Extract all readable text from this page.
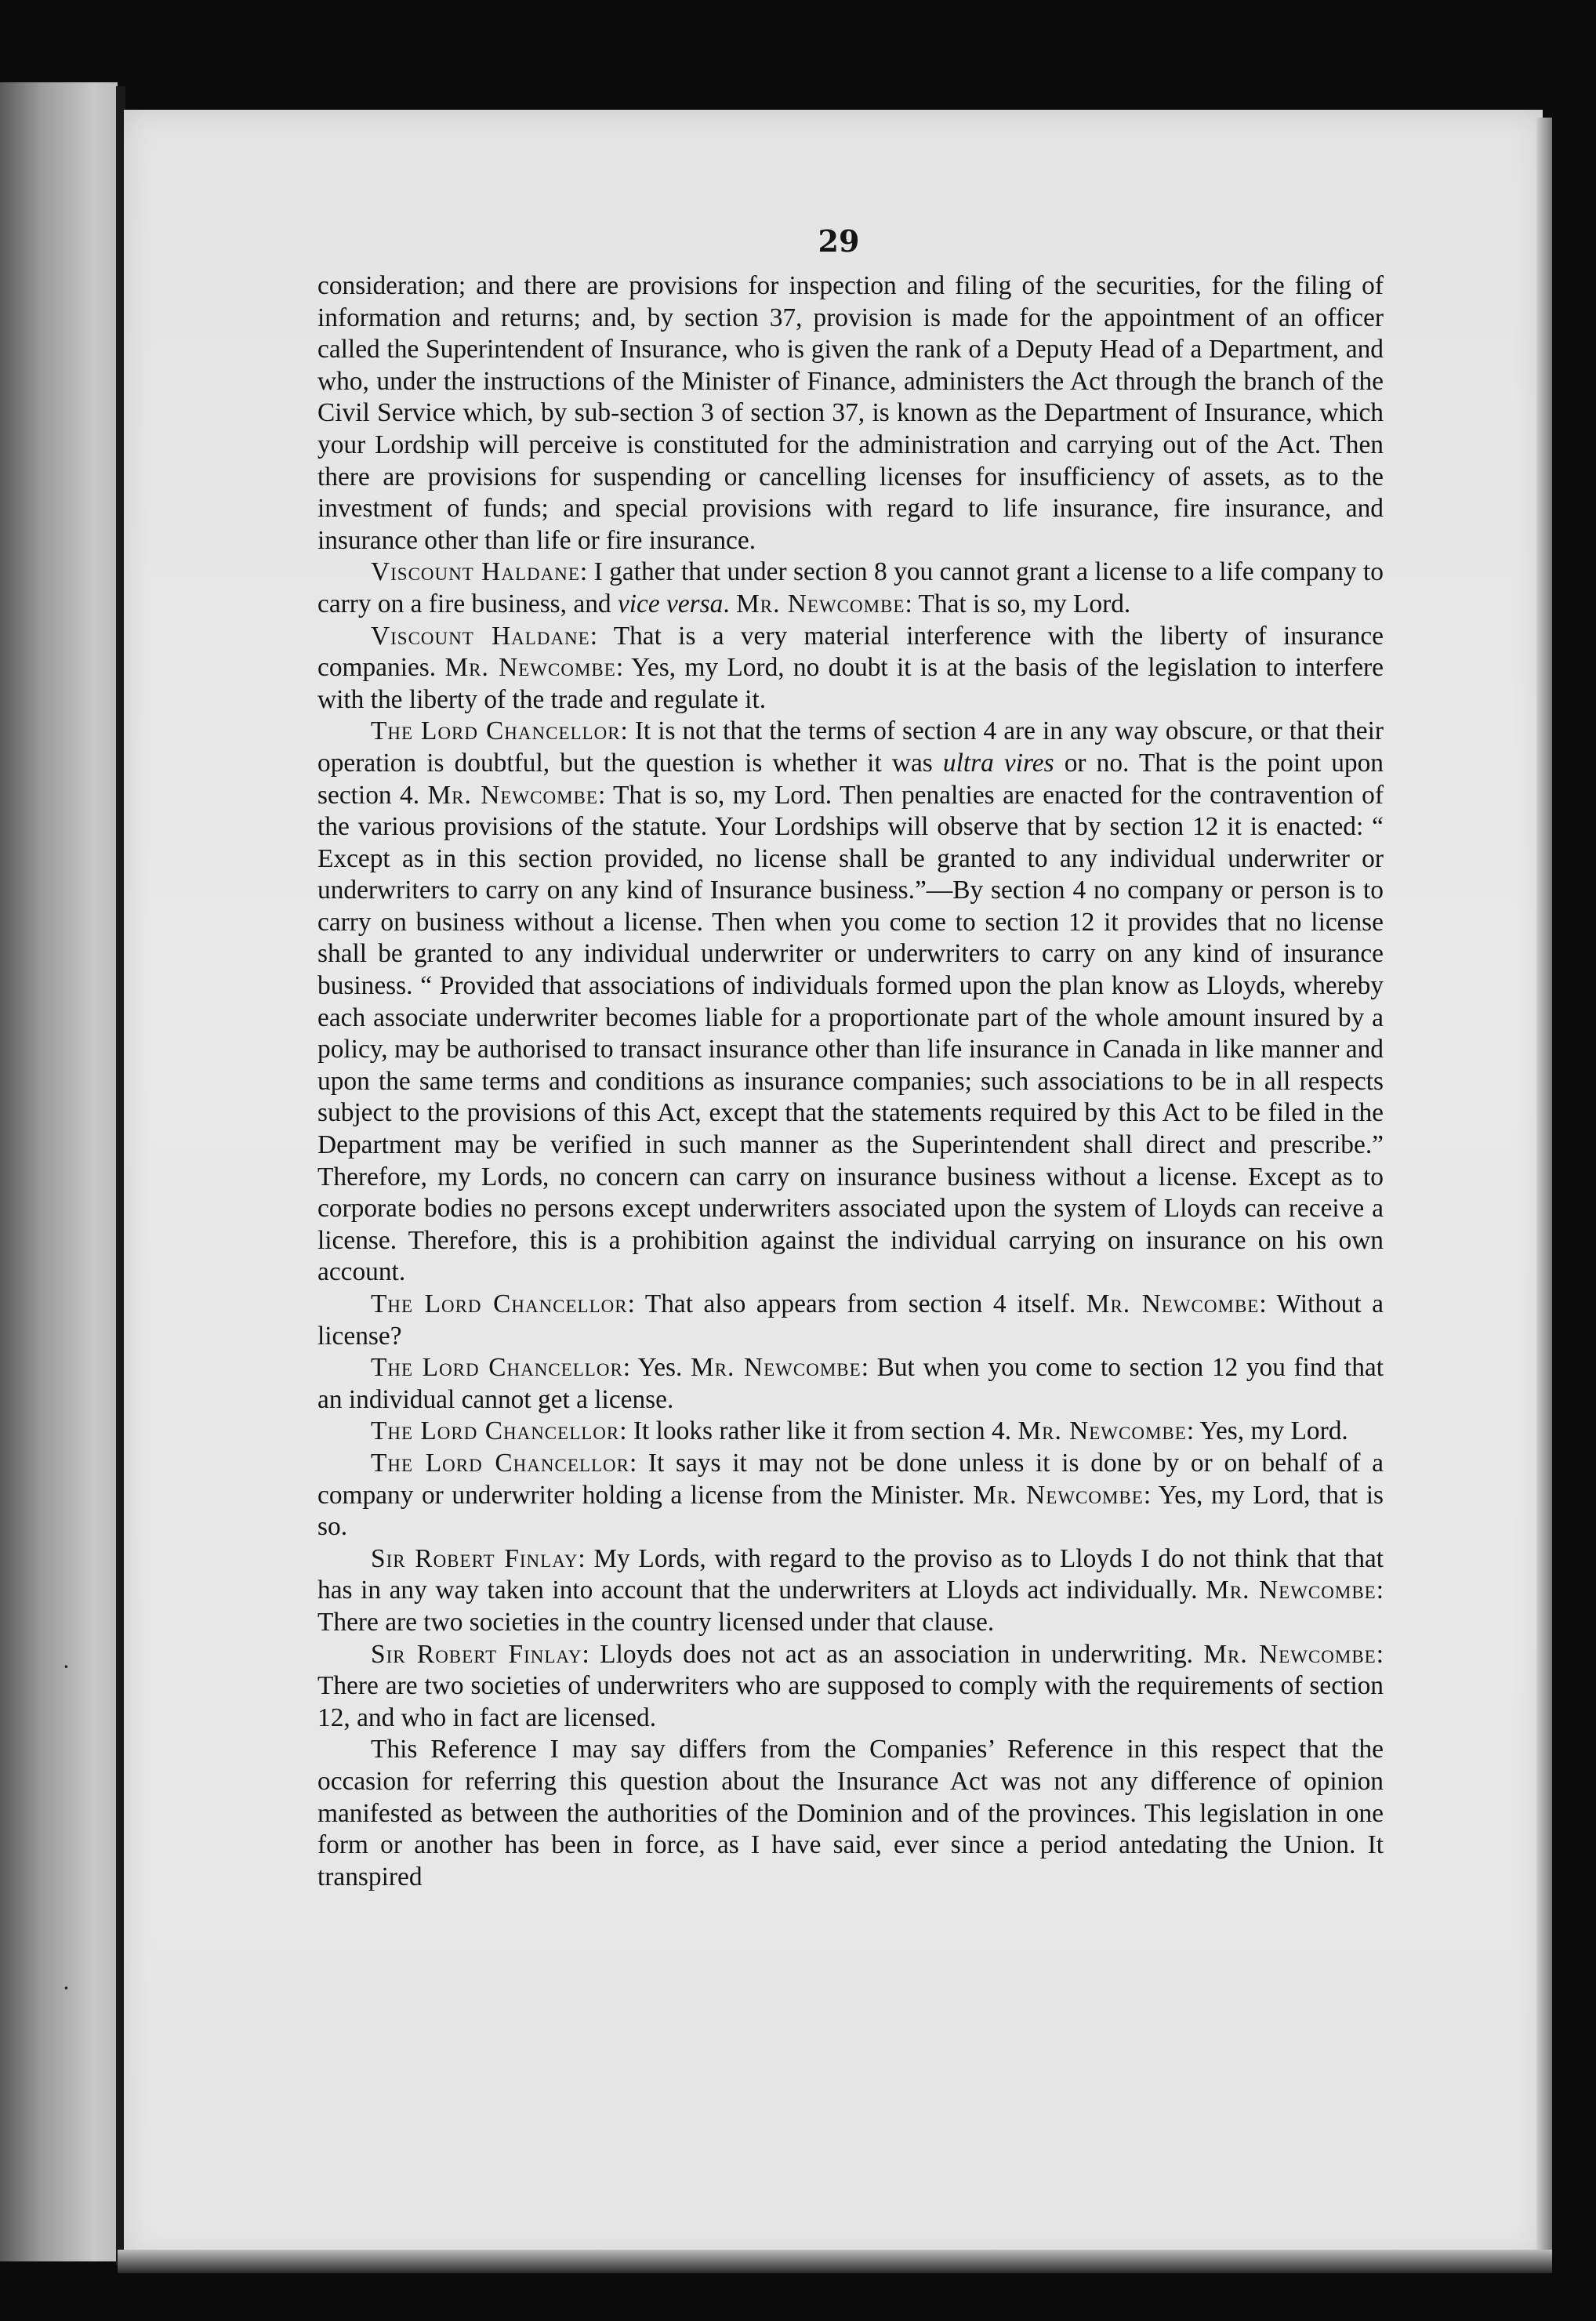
·
·
29

consideration; and there are provisions for inspection and filing of the securities, for the filing of information and returns; and, by section 37, provision is made for the appointment of an officer called the Superintendent of Insurance, who is given the rank of a Deputy Head of a Department, and who, under the instructions of the Minister of Finance, administers the Act through the branch of the Civil Service which, by sub-section 3 of section 37, is known as the Department of Insurance, which your Lordship will perceive is constituted for the administration and carrying out of the Act. Then there are provisions for suspending or cancelling licenses for insufficiency of assets, as to the investment of funds; and special provisions with regard to life insurance, fire insurance, and insurance other than life or fire insurance.

Viscount Haldane: I gather that under section 8 you cannot grant a license to a life company to carry on a fire business, and vice versa. Mr. Newcombe: That is so, my Lord.

Viscount Haldane: That is a very material interference with the liberty of insurance companies. Mr. Newcombe: Yes, my Lord, no doubt it is at the basis of the legislation to interfere with the liberty of the trade and regulate it.

The Lord Chancellor: It is not that the terms of section 4 are in any way obscure, or that their operation is doubtful, but the question is whether it was ultra vires or no. That is the point upon section 4. Mr. Newcombe: That is so, my Lord. Then penalties are enacted for the contravention of the various provisions of the statute. Your Lordships will observe that by section 12 it is enacted: “ Except as in this section provided, no license shall be granted to any individual underwriter or underwriters to carry on any kind of Insurance business.”—By section 4 no company or person is to carry on business without a license. Then when you come to section 12 it provides that no license shall be granted to any individual underwriter or underwriters to carry on any kind of insurance business. “ Provided that associations of individuals formed upon the plan know as Lloyds, whereby each associate underwriter becomes liable for a proportionate part of the whole amount insured by a policy, may be authorised to transact insurance other than life insurance in Canada in like manner and upon the same terms and conditions as insurance companies; such associations to be in all respects subject to the provisions of this Act, except that the statements required by this Act to be filed in the Department may be verified in such manner as the Superintendent shall direct and prescribe.” Therefore, my Lords, no concern can carry on insurance business without a license. Except as to corporate bodies no persons except underwriters associated upon the system of Lloyds can receive a license. Therefore, this is a prohibition against the individual carrying on insurance on his own account.

The Lord Chancellor: That also appears from section 4 itself. Mr. Newcombe: Without a license?

The Lord Chancellor: Yes. Mr. Newcombe: But when you come to section 12 you find that an individual cannot get a license.

The Lord Chancellor: It looks rather like it from section 4. Mr. Newcombe: Yes, my Lord.

The Lord Chancellor: It says it may not be done unless it is done by or on behalf of a company or underwriter holding a license from the Minister. Mr. Newcombe: Yes, my Lord, that is so.

Sir Robert Finlay: My Lords, with regard to the proviso as to Lloyds I do not think that that has in any way taken into account that the underwriters at Lloyds act individually. Mr. Newcombe: There are two societies in the country licensed under that clause.

Sir Robert Finlay: Lloyds does not act as an association in underwriting. Mr. Newcombe: There are two societies of underwriters who are supposed to comply with the requirements of section 12, and who in fact are licensed.

This Reference I may say differs from the Companies’ Reference in this respect that the occasion for referring this question about the Insurance Act was not any difference of opinion manifested as between the authorities of the Dominion and of the provinces. This legislation in one form or another has been in force, as I have said, ever since a period antedating the Union. It transpired
